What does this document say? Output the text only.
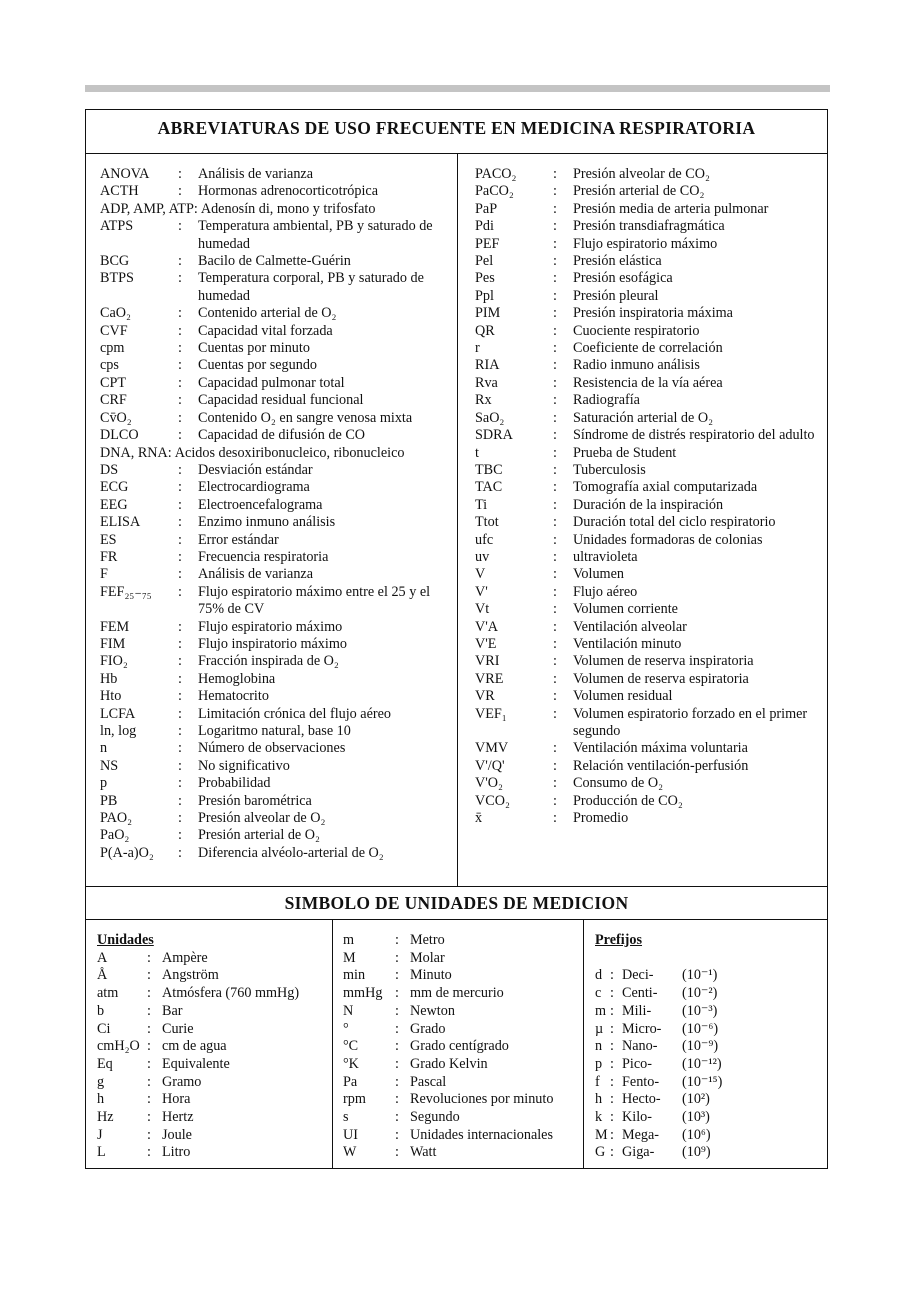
ABREVIATURAS DE USO FRECUENTE EN MEDICINA RESPIRATORIA
ANOVA	:	Análisis de varianza
ACTH	:	Hormonas adrenocorticotrópica
ADP, AMP, ATP : Adenosín di, mono y trifosfato
ATPS	:	Temperatura ambiental, PB y saturado de humedad
BCG	:	Bacilo de Calmette-Guérin
BTPS	:	Temperatura corporal, PB y saturado de humedad
CaO₂	:	Contenido arterial de O₂
CVF	:	Capacidad vital forzada
cpm	:	Cuentas por minuto
cps	:	Cuentas por segundo
CPT	:	Capacidad pulmonar total
CRF	:	Capacidad residual funcional
Cv̄O₂	:	Contenido O₂ en sangre venosa mixta
DLCO	:	Capacidad de difusión de CO
DNA, RNA : Acidos desoxiribonucleico, ribonucleico
DS	:	Desviación estándar
ECG	:	Electrocardiograma
EEG	:	Electroencefalograma
ELISA	:	Enzimo inmuno análisis
ES	:	Error estándar
FR	:	Frecuencia respiratoria
F	:	Análisis de varianza
FEF₂₅₋₇₅	:	Flujo espiratorio máximo entre el 25 y el 75% de CV
FEM	:	Flujo espiratorio máximo
FIM	:	Flujo inspiratorio máximo
FIO₂	:	Fracción inspirada de O₂
Hb	:	Hemoglobina
Hto	:	Hematocrito
LCFA	:	Limitación crónica del flujo aéreo
ln, log	:	Logaritmo natural, base 10
n	:	Número de observaciones
NS	:	No significativo
p	:	Probabilidad
PB	:	Presión barométrica
PAO₂	:	Presión alveolar de O₂
PaO₂	:	Presión arterial de O₂
P(A-a)O₂	:	Diferencia alvéolo-arterial de O₂
PACO₂	:	Presión alveolar de CO₂
PaCO₂	:	Presión arterial de CO₂
PaP	:	Presión media de arteria pulmonar
Pdi	:	Presión transdiafragmática
PEF	:	Flujo espiratorio máximo
Pel	:	Presión elástica
Pes	:	Presión esofágica
Ppl	:	Presión pleural
PIM	:	Presión inspiratoria máxima
QR	:	Cuociente respiratorio
r	:	Coeficiente de correlación
RIA	:	Radio inmuno análisis
Rva	:	Resistencia de la vía aérea
Rx	:	Radiografía
SaO₂	:	Saturación arterial de O₂
SDRA	:	Síndrome de distrés respiratorio del adulto
t	:	Prueba de Student
TBC	:	Tuberculosis
TAC	:	Tomografía axial computarizada
Ti	:	Duración de la inspiración
Ttot	:	Duración total del ciclo respiratorio
ufc	:	Unidades formadoras de colonias
uv	:	ultravioleta
V	:	Volumen
V'	:	Flujo aéreo
Vt	:	Volumen corriente
V'A	:	Ventilación alveolar
V'E	:	Ventilación minuto
VRI	:	Volumen de reserva inspiratoria
VRE	:	Volumen de reserva espiratoria
VR	:	Volumen residual
VEF₁	:	Volumen espiratorio forzado en el primer segundo
VMV	:	Ventilación máxima voluntaria
V'/Q'	:	Relación ventilación-perfusión
V'O₂	:	Consumo de O₂
VCO₂	:	Producción de CO₂
x̄	:	Promedio
SIMBOLO DE UNIDADES DE MEDICION
Unidades
A	: Ampère
Å	: Angström
atm	: Atmósfera (760 mmHg)
b	: Bar
Ci	: Curie
cmH₂O : cm de agua
Eq	: Equivalente
g	: Gramo
h	: Hora
Hz	: Hertz
J	: Joule
L	: Litro
m	: Metro
M	: Molar
min	: Minuto
mmHg : mm de mercurio
N	: Newton
°	: Grado
°C	: Grado centígrado
°K	: Grado Kelvin
Pa	: Pascal
rpm	: Revoluciones por minuto
s	: Segundo
UI	: Unidades internacionales
W	: Watt
Prefijos
d : Deci-	(10⁻¹)
c : Centi-	(10⁻²)
m : Mili-	(10⁻³)
µ : Micro-	(10⁻⁶)
n : Nano-	(10⁻⁹)
p : Pico-	(10⁻¹²)
f : Fento-	(10⁻¹⁵)
h : Hecto-	(10²)
k : Kilo-	(10³)
M : Mega-	(10⁶)
G : Giga-	(10⁹)
